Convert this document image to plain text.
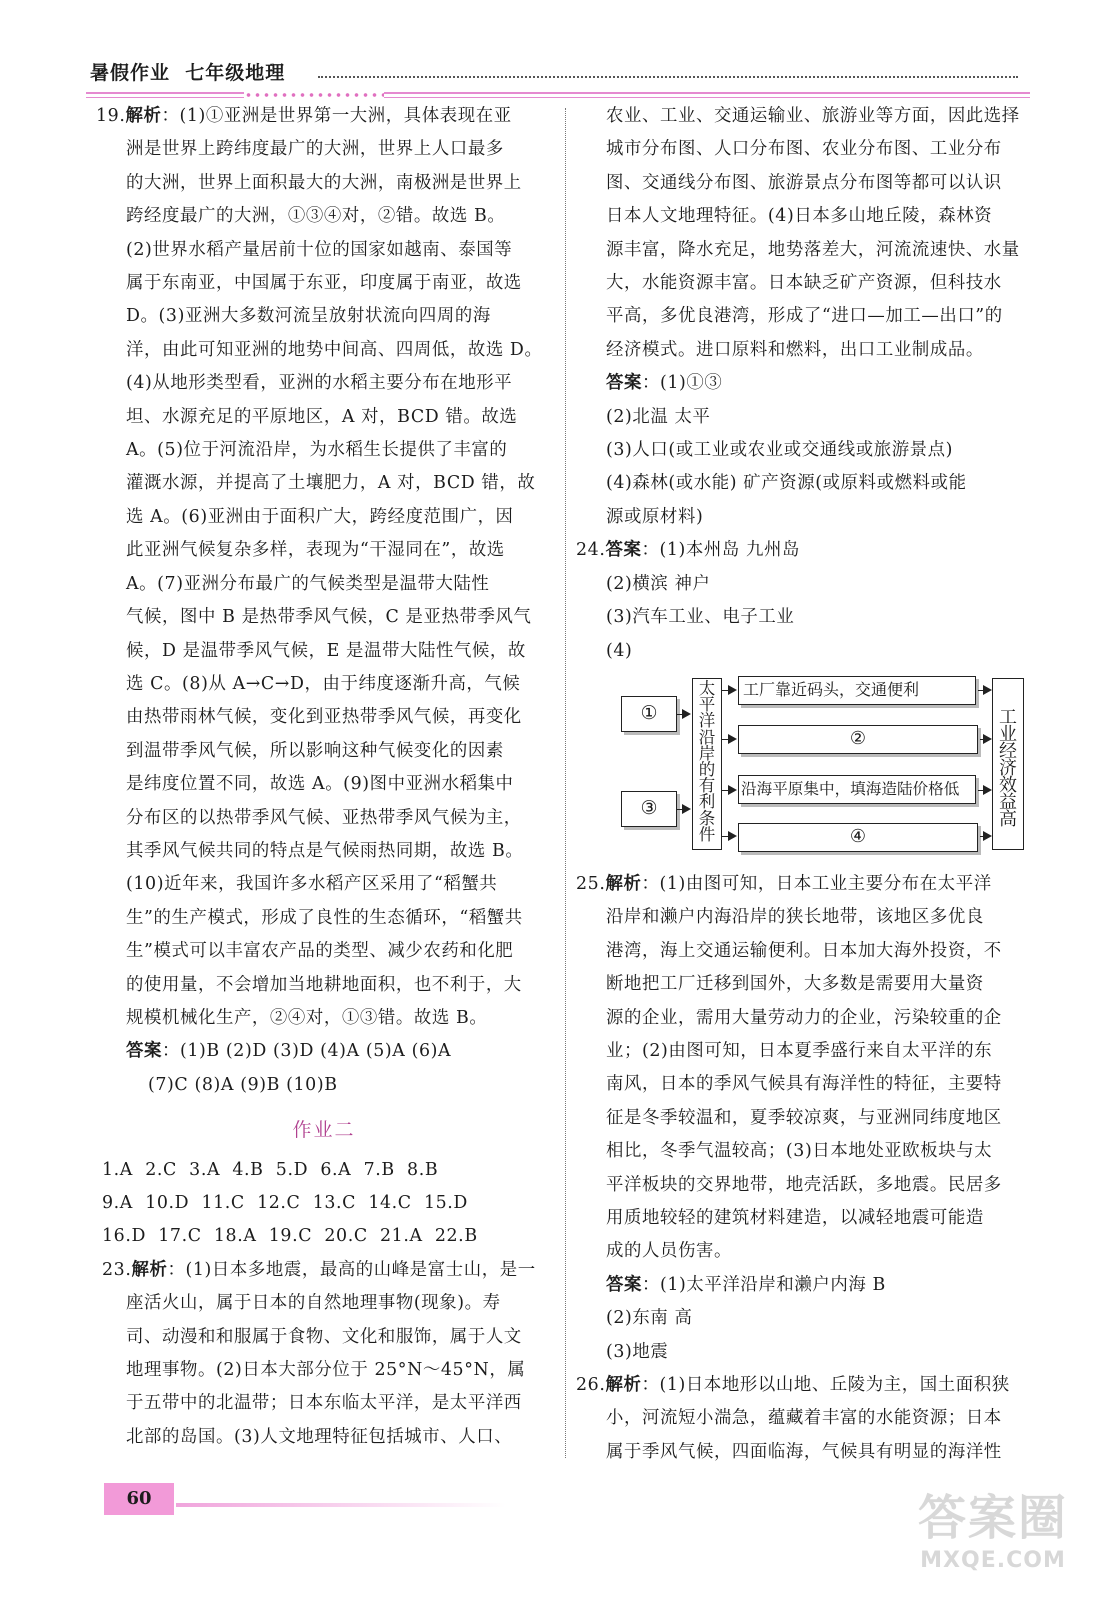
暑假作业  七年级地理

19.解析：(1)①亚洲是世界第一大洲，具体表现在亚

洲是世界上跨纬度最广的大洲，世界上人口最多

的大洲，世界上面积最大的大洲，南极洲是世界上

跨经度最广的大洲，①③④对，②错。故选 B。

(2)世界水稻产量居前十位的国家如越南、泰国等

属于东南亚，中国属于东亚，印度属于南亚，故选

D。(3)亚洲大多数河流呈放射状流向四周的海

洋，由此可知亚洲的地势中间高、四周低，故选 D。

(4)从地形类型看，亚洲的水稻主要分布在地形平

坦、水源充足的平原地区，A 对，BCD 错。故选

A。(5)位于河流沿岸，为水稻生长提供了丰富的

灌溉水源，并提高了土壤肥力，A 对，BCD 错，故

选 A。(6)亚洲由于面积广大，跨经度范围广，因

此亚洲气候复杂多样，表现为“干湿同在”，故选

A。(7)亚洲分布最广的气候类型是温带大陆性

气候，图中 B 是热带季风气候，C 是亚热带季风气

候，D 是温带季风气候，E 是温带大陆性气候，故

选 C。(8)从 A→C→D，由于纬度逐渐升高，气候

由热带雨林气候，变化到亚热带季风气候，再变化

到温带季风气候，所以影响这种气候变化的因素

是纬度位置不同，故选 A。(9)图中亚洲水稻集中

分布区的以热带季风气候、亚热带季风气候为主，

其季风气候共同的特点是气候雨热同期，故选 B。

(10)近年来，我国许多水稻产区采用了“稻蟹共

生”的生产模式，形成了良性的生态循环，“稻蟹共

生”模式可以丰富农产品的类型、减少农药和化肥

的使用量，不会增加当地耕地面积，也不利于，大

规模机械化生产，②④对，①③错。故选 B。

答案：(1)B (2)D (3)D (4)A (5)A (6)A

(7)C (8)A (9)B (10)B

作业二

1.A  2.C  3.A  4.B  5.D  6.A  7.B  8.B

9.A  10.D  11.C  12.C  13.C  14.C  15.D

16.D  17.C  18.A  19.C  20.C  21.A  22.B

23.解析：(1)日本多地震，最高的山峰是富士山，是一

座活火山，属于日本的自然地理事物(现象)。寿

司、动漫和和服属于食物、文化和服饰，属于人文

地理事物。(2)日本大部分位于 25°N～45°N，属

于五带中的北温带；日本东临太平洋，是太平洋西

北部的岛国。(3)人文地理特征包括城市、人口、

农业、工业、交通运输业、旅游业等方面，因此选择

城市分布图、人口分布图、农业分布图、工业分布

图、交通线分布图、旅游景点分布图等都可以认识

日本人文地理特征。(4)日本多山地丘陵，森林资

源丰富，降水充足，地势落差大，河流流速快、水量

大，水能资源丰富。日本缺乏矿产资源，但科技水

平高，多优良港湾，形成了“进口—加工—出口”的

经济模式。进口原料和燃料，出口工业制成品。

答案：(1)①③

(2)北温 太平

(3)人口(或工业或农业或交通线或旅游景点)

(4)森林(或水能) 矿产资源(或原料或燃料或能

源或原材料)

24.答案：(1)本州岛 九州岛

(2)横滨 神户

(3)汽车工业、电子工业

(4)

25.解析：(1)由图可知，日本工业主要分布在太平洋

沿岸和濑户内海沿岸的狭长地带，该地区多优良

港湾，海上交通运输便利。日本加大海外投资，不

断地把工厂迁移到国外，大多数是需要用大量资

源的企业，需用大量劳动力的企业，污染较重的企

业；(2)由图可知，日本夏季盛行来自太平洋的东

南风，日本的季风气候具有海洋性的特征，主要特

征是冬季较温和，夏季较凉爽，与亚洲同纬度地区

相比，冬季气温较高；(3)日本地处亚欧板块与太

平洋板块的交界地带，地壳活跃，多地震。民居多

用质地较轻的建筑材料建造，以减轻地震可能造

成的人员伤害。

答案：(1)太平洋沿岸和濑户内海 B

(2)东南 高

(3)地震

26.解析：(1)日本地形以山地、丘陵为主，国土面积狭

小，河流短小湍急，蕴藏着丰富的水能资源；日本

属于季风气候，四面临海，气候具有明显的海洋性

①
③
太
平
洋
沿
岸
的
有
利
条
件
工厂靠近码头，交通便利
②
沿海平原集中，填海造陆价格低
④
工
业
经
济
效
益
高
60	答案圈
MXQE.COM
